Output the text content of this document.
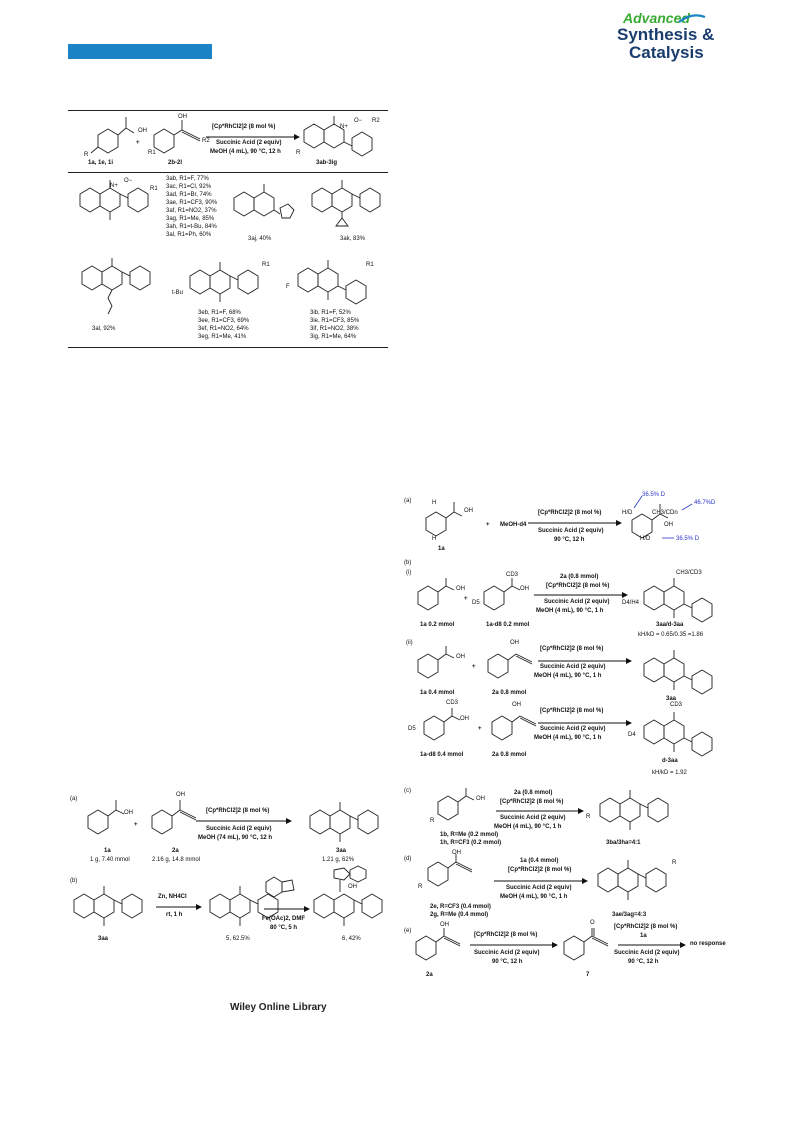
Advanced
Synthesis &
Catalysis
OH
R
1a, 1e, 1i
+
OH
R1
R2
2b-2l
[Cp*RhCl2]2 (8 mol %)
Succinic Acid (2 equiv)
MeOH (4 mL), 90 °C, 12 h
N+
O− R2
R
3ab-3ig
N+
O−
R1
3ab, R1=F, 77%
3ac, R1=Cl, 92%
3ad, R1=Br, 74%
3ae, R1=CF3, 90%
3af, R1=NO2, 37%
3ag, R1=Me, 85%
3ah, R1=t-Bu, 84%
3al, R1=Ph, 60%
3aj, 40%	3ak, 83%
3al, 92%
t-Bu
R1
3eb, R1=F, 68%
3ee, R1=CF3, 69%
3ef, R1=NO2, 64%
3eg, R1=Me, 41%
F
R1
3ib, R1=F, 52%
3ie, R1=CF3, 85%
3if, R1=NO2, 38%
3ig, R1=Me, 64%
(a)
OH
+
OH
[Cp*RhCl2]2 (8 mol %)
Succinic Acid (2 equiv)
MeOH (74 mL), 90 °C, 12 h
1a
1 g, 7.40 mmol
2a
2.16 g, 14.8 mmol
3aa
1.21 g, 62%
(b)
3aa
Zn, NH4Cl
rt, 1 h
5, 62.5%
Fe(OAc)2, DMF
80 °C, 5 h
OH
6, 42%
(a)	H
H
OH
1a
+ MeOH-d4
[Cp*RhCl2]2 (8 mol %)
Succinic Acid (2 equiv)
90 °C, 12 h
H/D	CH3/CDn
OH
H/D
36.5% D
46.7%D
36.5% D
(b)
(i)
OH
+
D5
CD3
OH
2a (0.8 mmol)
[Cp*RhCl2]2 (8 mol %)
Succinic Acid (2 equiv)
MeOH (4 mL), 90 °C, 1 h
CH3/CD3
D4/H4
1a 0.2 mmol	1a-d8 0.2 mmol	3aa/d-3aa
kH/kD = 0.65/0.35 =1.86
(ii)
OH
+
OH
[Cp*RhCl2]2 (8 mol %)
Succinic Acid (2 equiv)
MeOH (4 mL), 90 °C, 1 h
1a 0.4 mmol	2a 0.8 mmol
3aa
D5
CD3
OH
+
OH
[Cp*RhCl2]2 (8 mol %)
Succinic Acid (2 equiv)
MeOH (4 mL), 90 °C, 1 h
CD3
D4
1a-d8 0.4 mmol	2a 0.8 mmol
d-3aa
kH/kD = 1.92
(c)
OH
R
2a (0.8 mmol)
[Cp*RhCl2]2 (8 mol %)
Succinic Acid (2 equiv)
MeOH (4 mL), 90 °C, 1 h
R
1b, R=Me (0.2 mmol)
1h, R=CF3 (0.2 mmol)	3ba/3ha=4:1
(d)
OH
R
1a (0.4 mmol)
[Cp*RhCl2]2 (8 mol %)
Succinic Acid (2 equiv)
MeOH (4 mL), 90 °C, 1 h
R
2e, R=CF3 (0.4 mmol)
2g, R=Me (0.4 mmol)	3ae/3ag=4:3
(e)
OH
2a
[Cp*RhCl2]2 (8 mol %)
Succinic Acid (2 equiv)
90 °C, 12 h
O
7
[Cp*RhCl2]2 (8 mol %)
1a
Succinic Acid (2 equiv)
90 °C, 12 h
no response
Wiley Online Library
